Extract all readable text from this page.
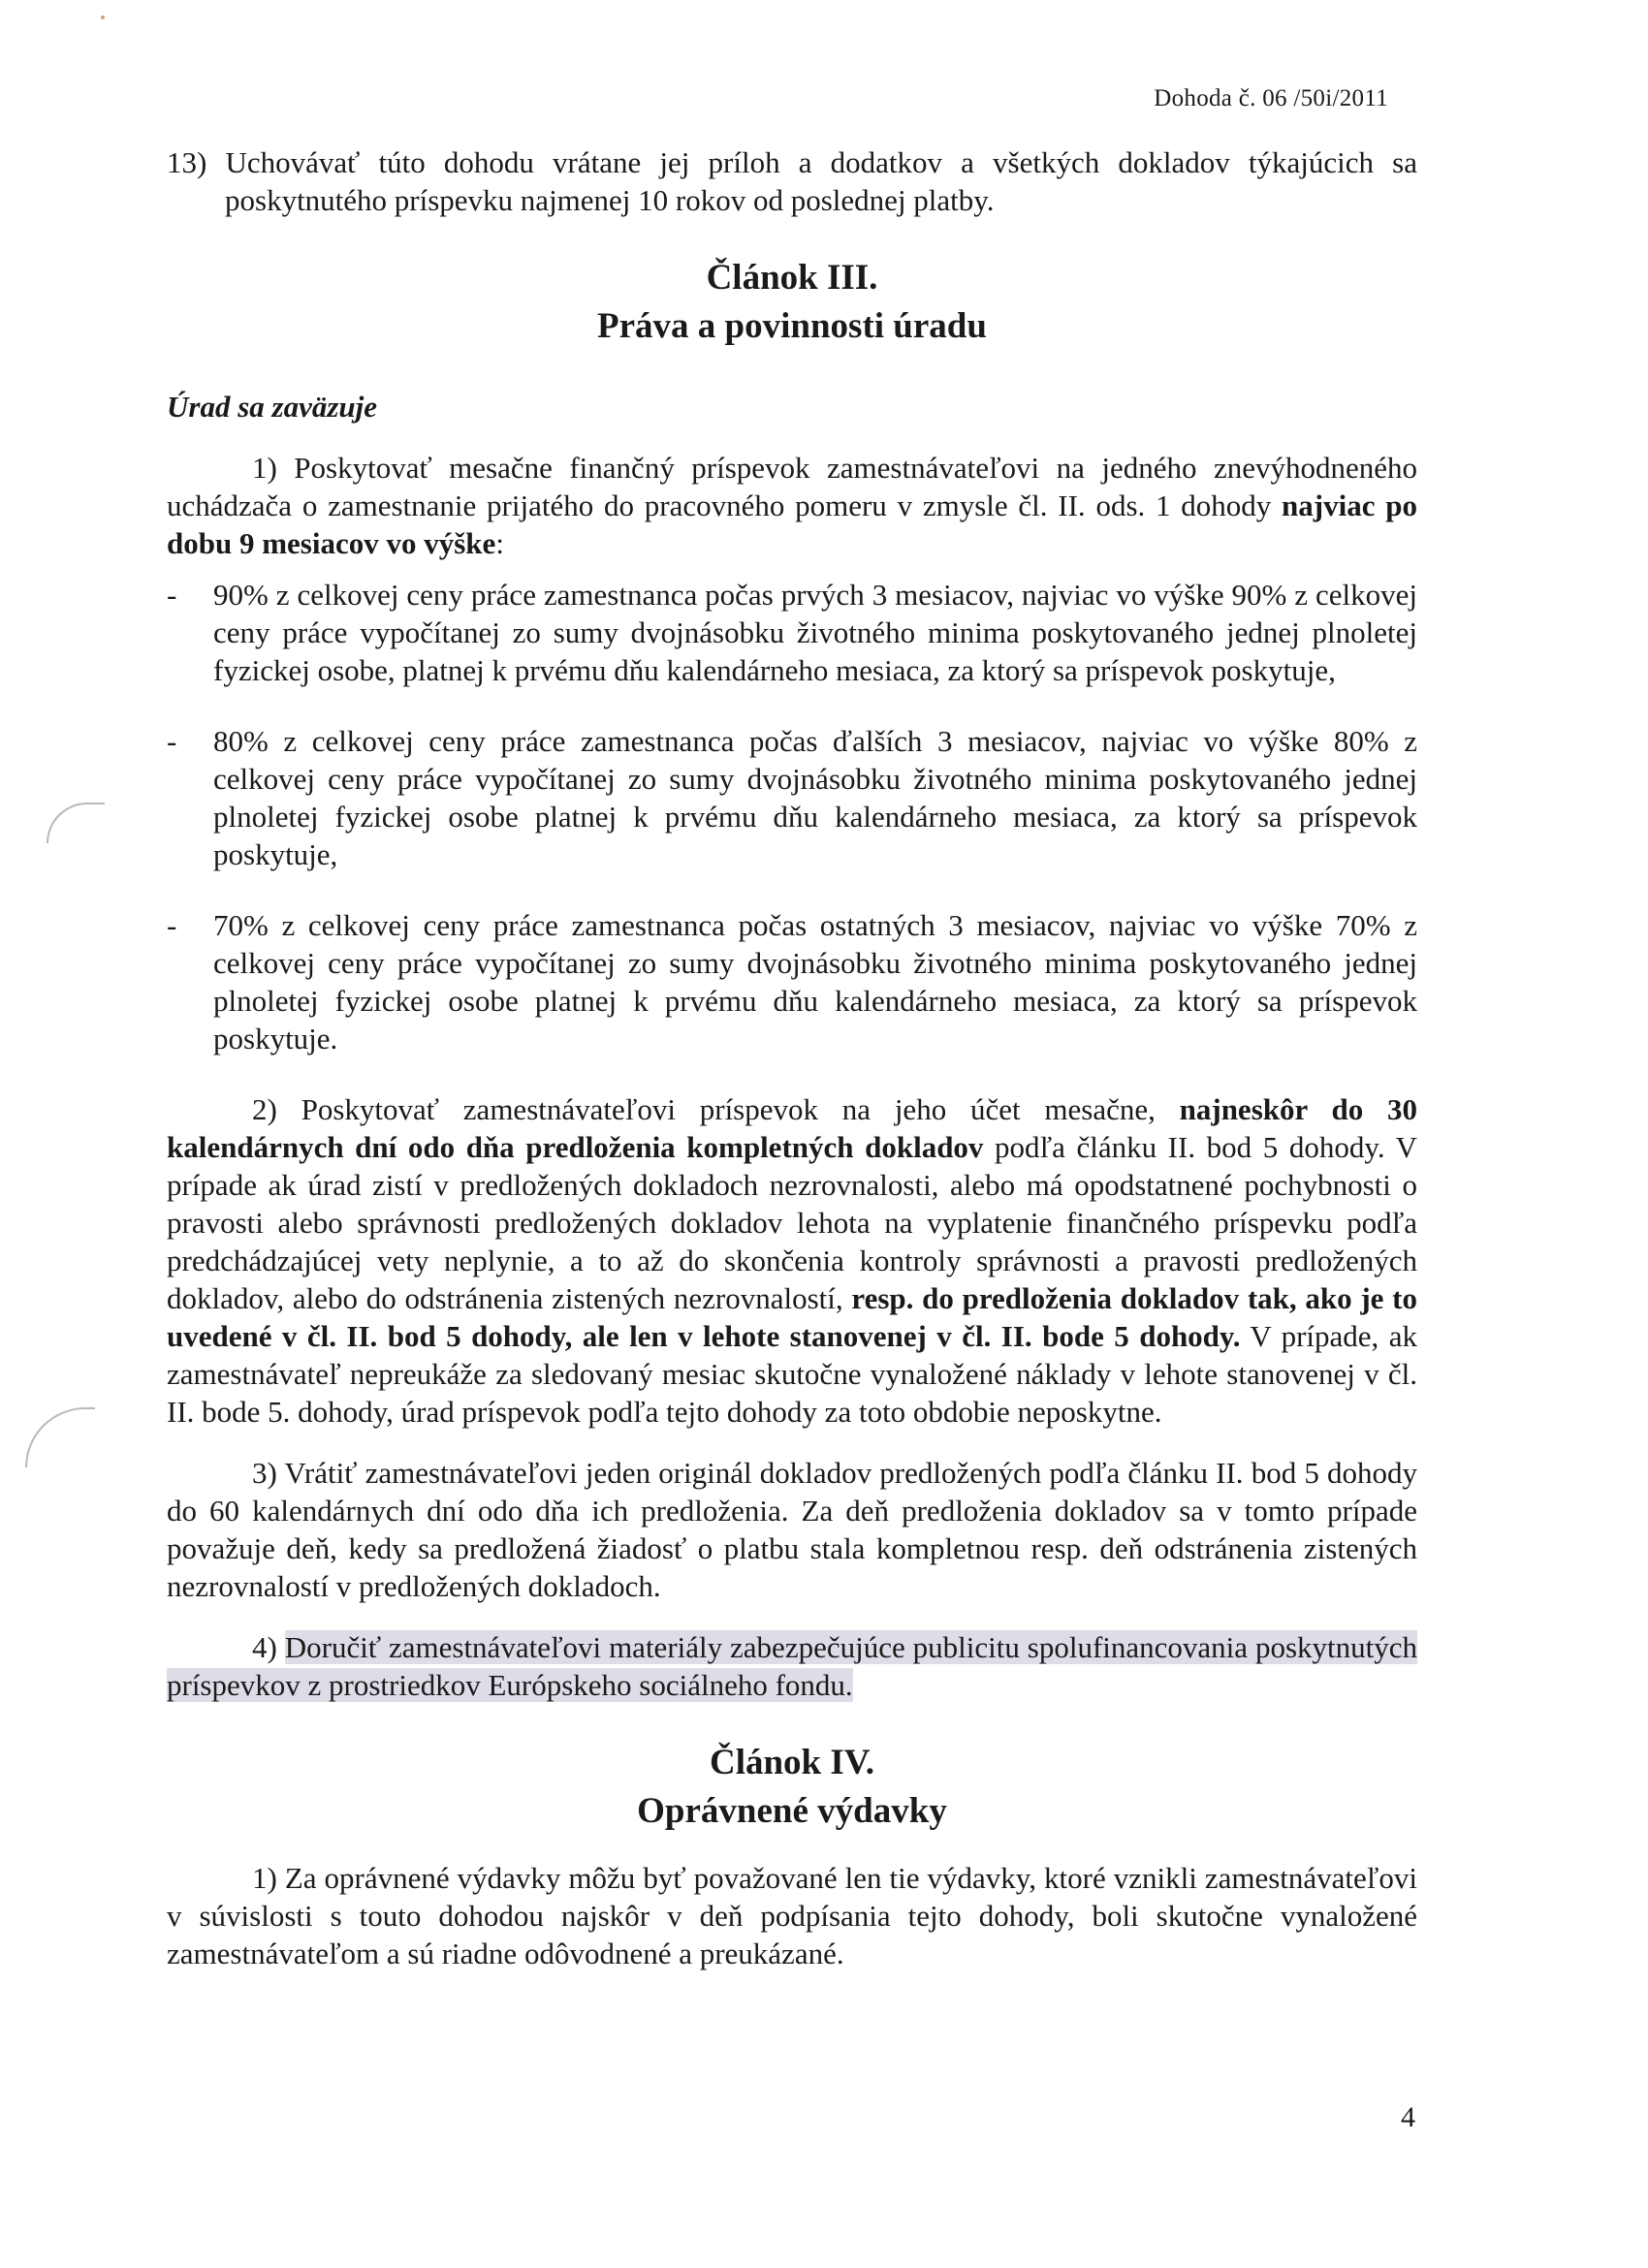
Dohoda č. 06 /50i/2011

13) Uchovávať túto dohodu vrátane jej príloh a dodatkov a všetkých dokladov týkajúcich sa poskytnutého príspevku najmenej 10 rokov od poslednej platby.

Článok III.

Práva a povinnosti úradu

Úrad sa zaväzuje

1) Poskytovať mesačne finančný príspevok zamestnávateľovi na jedného znevýhodneného uchádzača o zamestnanie prijatého do pracovného pomeru v zmysle čl. II. ods. 1 dohody najviac po dobu 9 mesiacov vo výške:

- 90% z celkovej ceny práce zamestnanca počas prvých 3 mesiacov, najviac vo výške 90% z celkovej ceny práce vypočítanej zo sumy dvojnásobku životného minima poskytovaného jednej plnoletej fyzickej osobe, platnej k prvému dňu kalendárneho mesiaca, za ktorý sa príspevok poskytuje,
- 80% z celkovej ceny práce zamestnanca počas ďalších 3 mesiacov, najviac vo výške 80% z celkovej ceny práce vypočítanej zo sumy dvojnásobku životného minima poskytovaného jednej plnoletej fyzickej osobe platnej k prvému dňu kalendárneho mesiaca, za ktorý sa príspevok poskytuje,
- 70% z celkovej ceny práce zamestnanca počas ostatných 3 mesiacov, najviac vo výške 70% z celkovej ceny práce vypočítanej zo sumy dvojnásobku životného minima poskytovaného jednej plnoletej fyzickej osobe platnej k prvému dňu kalendárneho mesiaca, za ktorý sa príspevok poskytuje.

2) Poskytovať zamestnávateľovi príspevok na jeho účet mesačne, najneskôr do 30 kalendárnych dní odo dňa predloženia kompletných dokladov podľa článku II. bod 5 dohody. V prípade ak úrad zistí v predložených dokladoch nezrovnalosti, alebo má opodstatnené pochybnosti o pravosti alebo správnosti predložených dokladov lehota na vyplatenie finančného príspevku podľa predchádzajúcej vety neplynie, a to až do skončenia kontroly správnosti a pravosti predložených dokladov, alebo do odstránenia zistených nezrovnalostí, resp. do predloženia dokladov tak, ako je to uvedené v čl. II. bod 5 dohody, ale len v lehote stanovenej v čl. II. bode 5 dohody. V prípade, ak zamestnávateľ nepreukáže za sledovaný mesiac skutočne vynaložené náklady v lehote stanovenej v čl. II. bode 5. dohody, úrad príspevok podľa tejto dohody za toto obdobie neposkytne.

3) Vrátiť zamestnávateľovi jeden originál dokladov predložených podľa článku II. bod 5 dohody do 60 kalendárnych dní odo dňa ich predloženia. Za deň predloženia dokladov sa v tomto prípade považuje deň, kedy sa predložená žiadosť o platbu stala kompletnou resp. deň odstránenia zistených nezrovnalostí v predložených dokladoch.

4) Doručiť zamestnávateľovi materiály zabezpečujúce publicitu spolufinancovania poskytnutých príspevkov z prostriedkov Európskeho sociálneho fondu.

Článok IV.

Oprávnené výdavky

1) Za oprávnené výdavky môžu byť považované len tie výdavky, ktoré vznikli zamestnávateľovi v súvislosti s touto dohodou najskôr v deň podpísania tejto dohody, boli skutočne vynaložené zamestnávateľom a sú riadne odôvodnené a preukázané.

4
